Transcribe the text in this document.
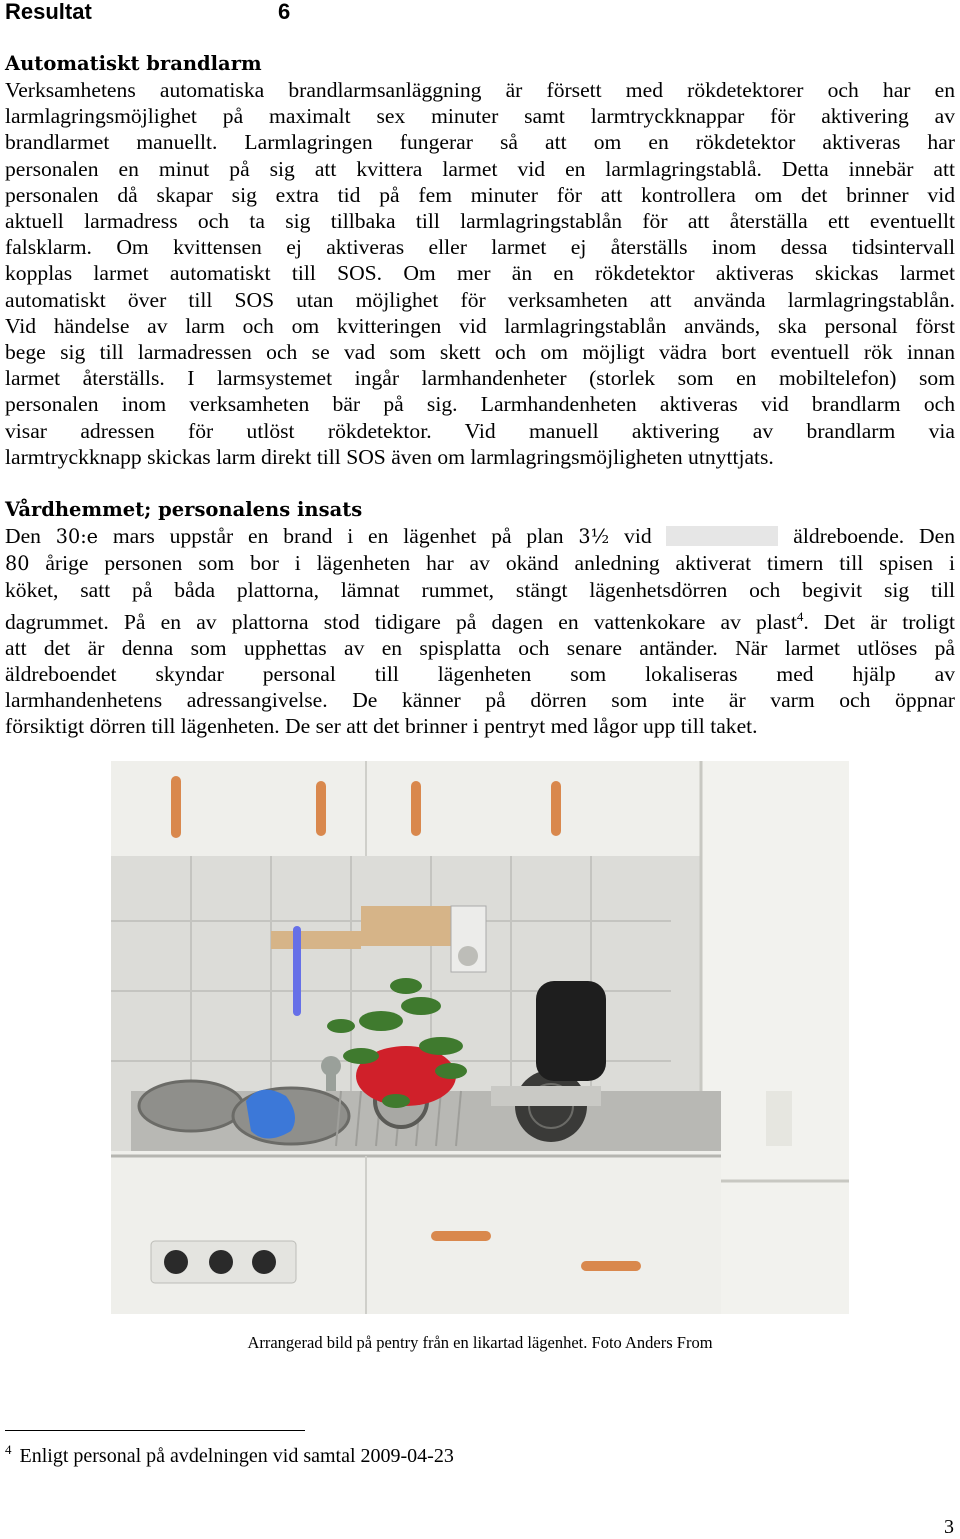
Resultat	6
Automatiskt brandlarm
Verksamhetens automatiska brandlarmsanläggning är försett med rökdetektorer och har en
larmlagringsmöjlighet på maximalt sex minuter samt larmtryckknappar för aktivering av
brandlarmet manuellt. Larmlagringen fungerar så att om en rökdetektor aktiveras har
personalen en minut på sig att kvittera larmet vid en larmlagringstablå. Detta innebär att
personalen då skapar sig extra tid på fem minuter för att kontrollera om det brinner vid
aktuell larmadress och ta sig tillbaka till larmlagringstablån för att återställa ett eventuellt
falsklarm. Om kvittensen ej aktiveras eller larmet ej återställs inom dessa tidsintervall
kopplas larmet automatiskt till SOS. Om mer än en rökdetektor aktiveras skickas larmet
automatiskt över till SOS utan möjlighet för verksamheten att använda larmlagringstablån.
Vid händelse av larm och om kvitteringen vid larmlagringstablån används, ska personal först
bege sig till larmadressen och se vad som skett och om möjligt vädra bort eventuell rök innan
larmet återställs. I larmsystemet ingår larmhandenheter (storlek som en mobiltelefon) som
personalen inom verksamheten bär på sig. Larmhandenheten aktiveras vid brandlarm och
visar adressen för utlöst rökdetektor. Vid manuell aktivering av brandlarm via
larmtryckknapp skickas larm direkt till SOS även om larmlagringsmöjligheten utnyttjats.
Vårdhemmet; personalens insats
Den 30:e mars uppstår en brand i en lägenhet på plan 3½ vid	äldreboende. Den
80 årige personen som bor i lägenheten har av okänd anledning aktiverat timern till spisen i
köket, satt på båda plattorna, lämnat rummet, stängt lägenhetsdörren och begivit sig till
dagrummet. På en av plattorna stod tidigare på dagen en vattenkokare av plast$^4$. Det är troligt
att det är denna som upphettas av en spisplatta och senare antänder. När larmet utlöses på
äldreboendet skyndar personal till lägenheten som lokaliseras med hjälp av
larmhandenhetens adressangivelse. De känner på dörren som inte är varm och öppnar
försiktigt dörren till lägenheten. De ser att det brinner i pentryt med lågor upp till taket.
Arrangerad bild på pentry från en likartad lägenhet. Foto Anders From
$^4$ Enligt personal på avdelningen vid samtal 2009-04-23
3
